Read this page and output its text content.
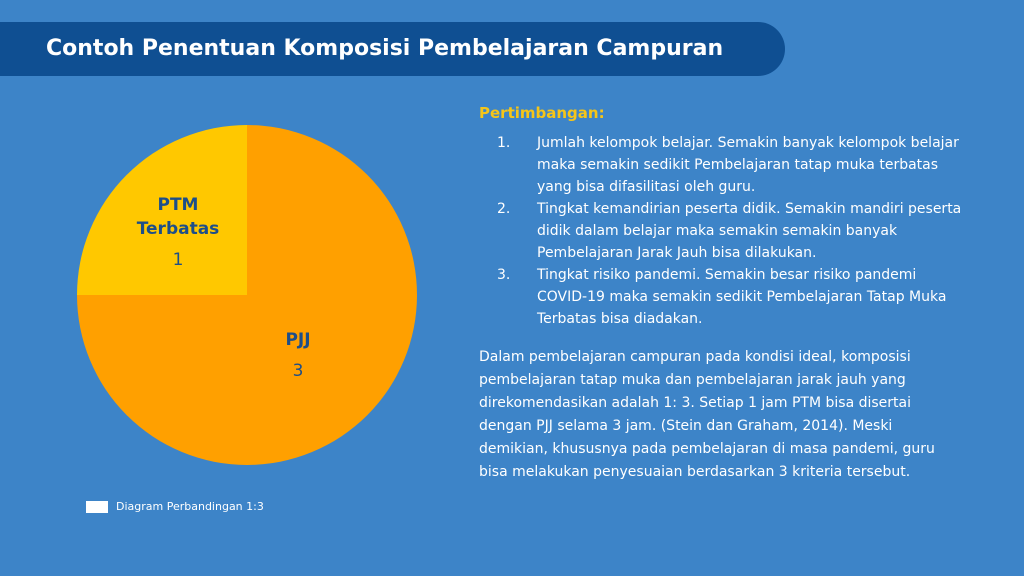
Contoh Penentuan Komposisi Pembelajaran Campuran
PTM
Terbatas
1
PJJ
3
Diagram Perbandingan 1:3
Pertimbangan:
1. Jumlah kelompok belajar. Semakin banyak kelompok belajar maka semakin sedikit Pembelajaran tatap muka terbatas yang bisa difasilitasi oleh guru.
2. Tingkat kemandirian peserta didik. Semakin mandiri peserta didik dalam belajar maka semakin semakin banyak Pembelajaran Jarak Jauh bisa dilakukan.
3. Tingkat risiko pandemi. Semakin besar risiko pandemi COVID-19 maka semakin sedikit Pembelajaran Tatap Muka Terbatas bisa diadakan.
Dalam pembelajaran campuran pada kondisi ideal, komposisi pembelajaran tatap muka dan pembelajaran jarak jauh yang direkomendasikan adalah 1: 3. Setiap 1 jam PTM bisa disertai dengan PJJ selama 3 jam. (Stein dan Graham, 2014). Meski demikian, khususnya pada pembelajaran di masa pandemi, guru bisa melakukan penyesuaian berdasarkan 3 kriteria tersebut.
